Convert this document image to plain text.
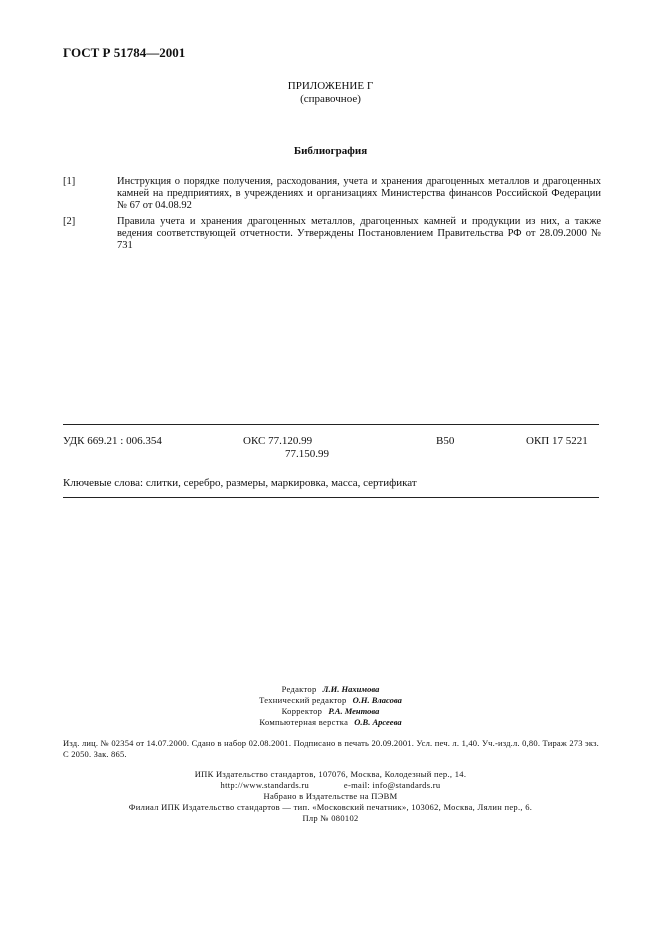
ГОСТ Р 51784—2001
ПРИЛОЖЕНИЕ Г
(справочное)
Библиография
[1]	Инструкция о порядке получения, расходования, учета и хранения драгоценных металлов и драгоценных камней на предприятиях, в учреждениях и организациях Министерства финансов Российской Федерации № 67 от 04.08.92
[2]	Правила учета и хранения драгоценных металлов, драгоценных камней и продукции из них, а также ведения соответствующей отчетности. Утверждены Постановлением Правительства РФ от 28.09.2000 № 731
УДК 669.21 : 006.354	ОКС 77.120.99
77.150.99
В50	ОКП 17 5221
Ключевые слова: слитки, серебро, размеры, маркировка, масса, сертификат
Редактор Л.И. Нахимова
Технический редактор О.Н. Власова
Корректор Р.А. Ментова
Компьютерная верстка О.В. Арсеева
Изд. лиц. № 02354 от 14.07.2000. Сдано в набор 02.08.2001. Подписано в печать 20.09.2001. Усл. печ. л. 1,40. Уч.-изд.л. 0,80. Тираж 273 экз. С 2050. Зак. 865.
ИПК Издательство стандартов, 107076, Москва, Колодезный пер., 14.
http://www.standards.ru	e-mail: info@standards.ru
Набрано в Издательстве на ПЭВМ
Филиал ИПК Издательство стандартов — тип. «Московский печатник», 103062, Москва, Лялин пер., 6.
Плр № 080102
